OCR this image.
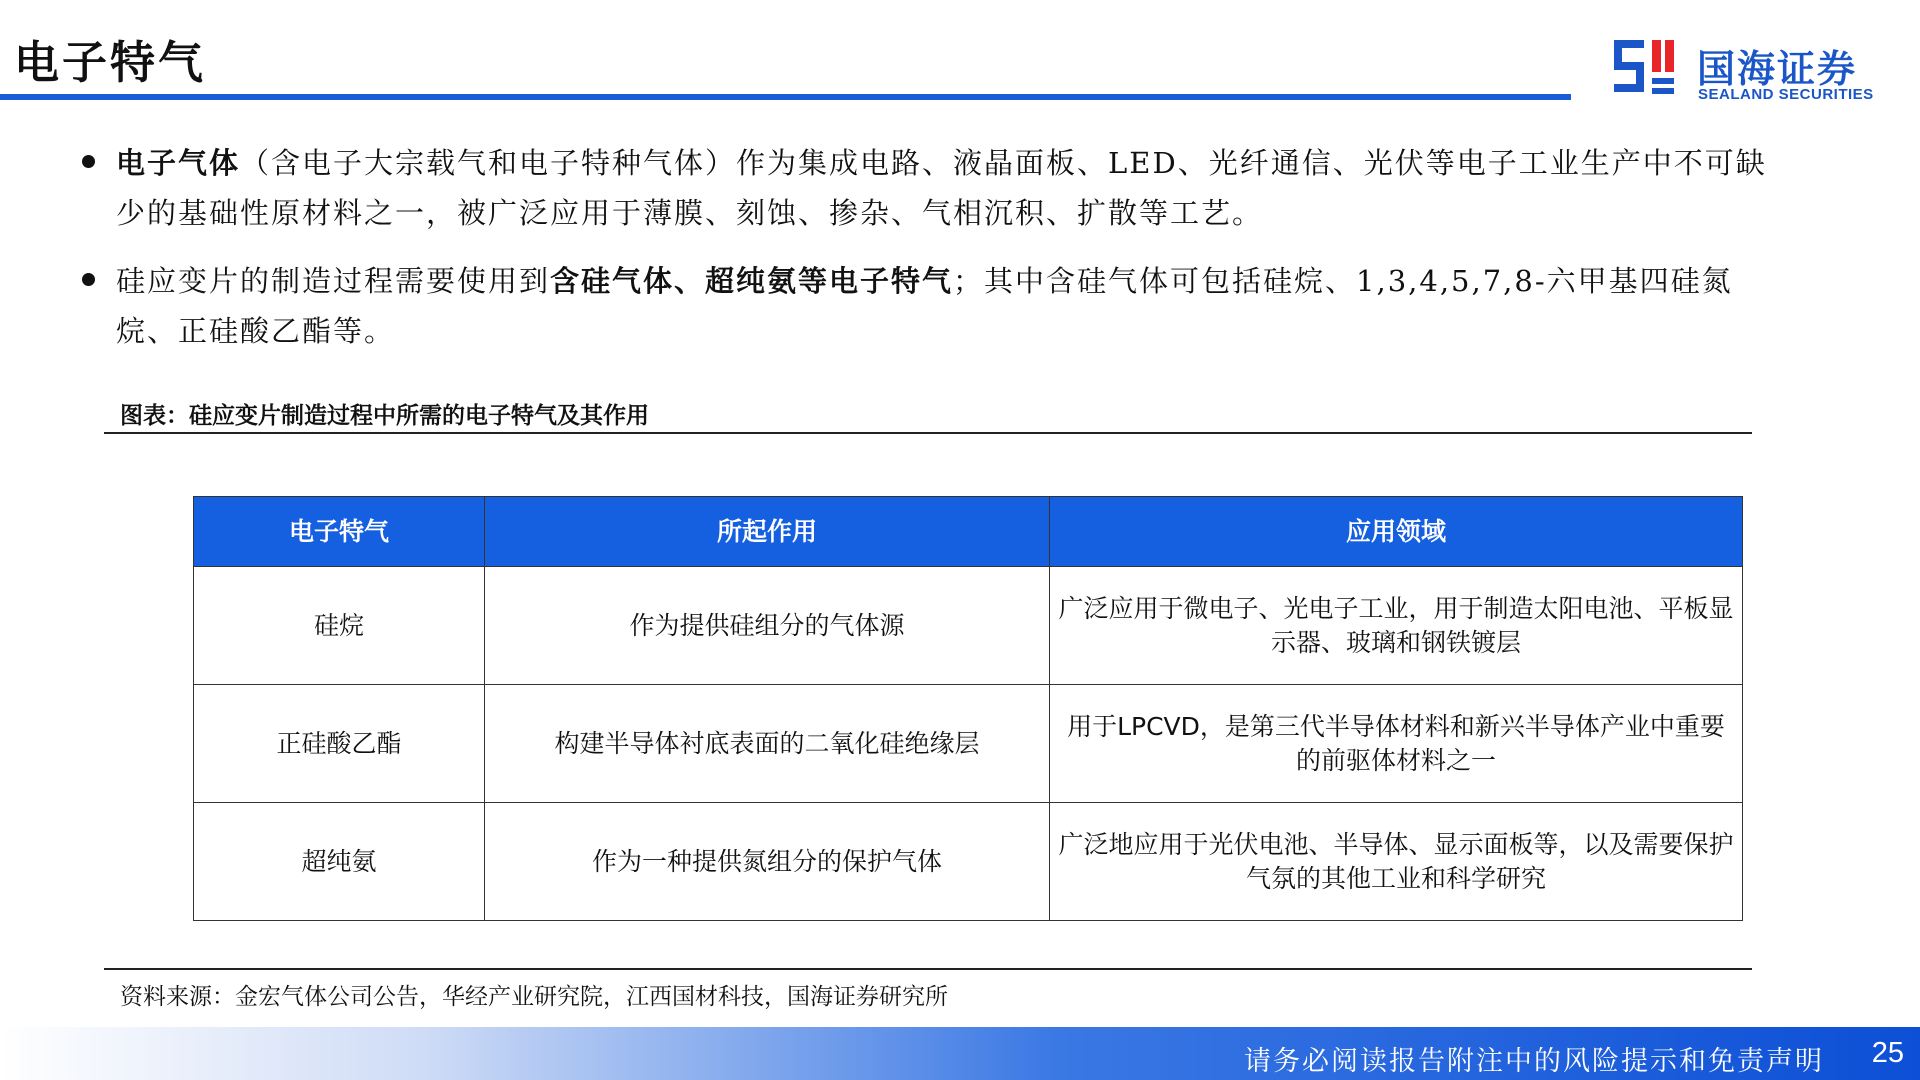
电子特气	国海证券
SEALAND SECURITIES

电子气体（含电子大宗载气和电子特种气体）作为集成电路、液晶面板、LED、光纤通信、光伏等电子工业生产中不可缺少的基础性原材料之一，被广泛应用于薄膜、刻蚀、掺杂、气相沉积、扩散等工艺。

硅应变片的制造过程需要使用到含硅气体、超纯氨等电子特气；其中含硅气体可包括硅烷、1,3,4,5,7,8-六甲基四硅氮烷、正硅酸乙酯等。

图表：硅应变片制造过程中所需的电子特气及其作用
电子特气	所起作用	应用领域
硅烷	作为提供硅组分的气体源	广泛应用于微电子、光电子工业，用于制造太阳电池、平板显示器、玻璃和钢铁镀层
正硅酸乙酯	构建半导体衬底表面的二氧化硅绝缘层	用于LPCVD，是第三代半导体材料和新兴半导体产业中重要的前驱体材料之一
超纯氨	作为一种提供氮组分的保护气体	广泛地应用于光伏电池、半导体、显示面板等，以及需要保护气氛的其他工业和科学研究
资料来源：金宏气体公司公告，华经产业研究院，江西国材科技，国海证券研究所
请务必阅读报告附注中的风险提示和免责声明 25
